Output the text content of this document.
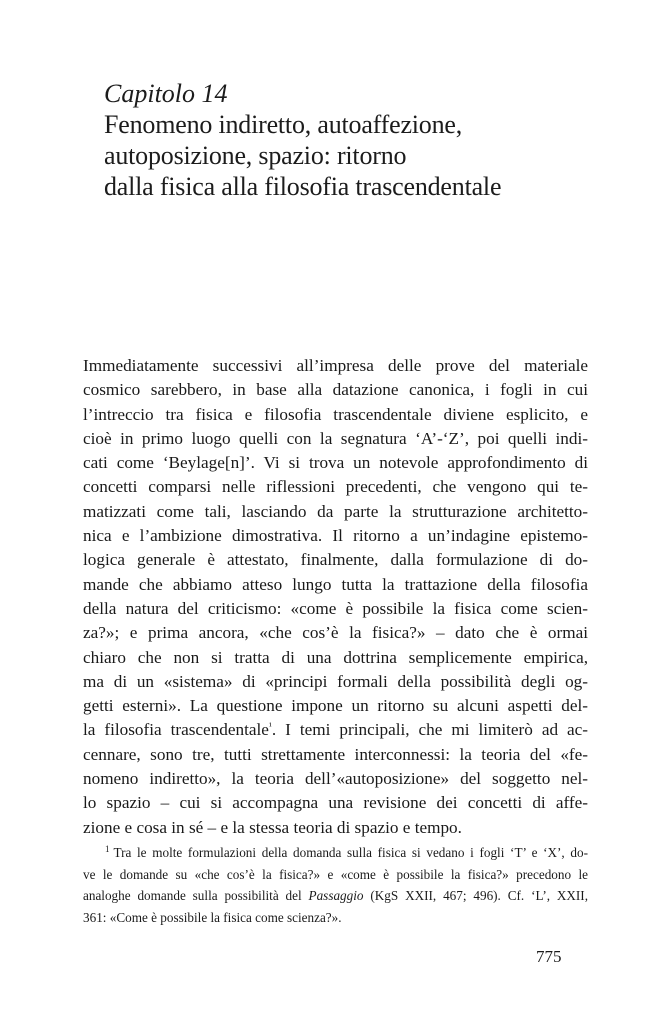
Capitolo 14
Fenomeno indiretto, autoaffezione,
autoposizione, spazio: ritorno
dalla fisica alla filosofia trascendentale
Immediatamente successivi all’impresa delle prove del materiale
cosmico sarebbero, in base alla datazione canonica, i fogli in cui
l’intreccio tra fisica e filosofia trascendentale diviene esplicito, e
cioè in primo luogo quelli con la segnatura ‘A’-‘Z’, poi quelli indi-
cati come ‘Beylage[n]’. Vi si trova un notevole approfondimento di
concetti comparsi nelle riflessioni precedenti, che vengono qui te-
matizzati come tali, lasciando da parte la strutturazione architetto-
nica e l’ambizione dimostrativa. Il ritorno a un’indagine epistemo-
logica generale è attestato, finalmente, dalla formulazione di do-
mande che abbiamo atteso lungo tutta la trattazione della filosofia
della natura del criticismo: «come è possibile la fisica come scien-
za?»; e prima ancora, «che cos’è la fisica?» – dato che è ormai
chiaro che non si tratta di una dottrina semplicemente empirica,
ma di un «sistema» di «principi formali della possibilità degli og-
getti esterni». La questione impone un ritorno su alcuni aspetti del-
la filosofia trascendentale$^{^1}$. I temi principali, che mi limiterò ad ac-
cennare, sono tre, tutti strettamente interconnessi: la teoria del «fe-
nomeno indiretto», la teoria dell’«autoposizione» del soggetto nel-
lo spazio – cui si accompagna una revisione dei concetti di affe-
zione e cosa in sé – e la stessa teoria di spazio e tempo.
$^1$ Tra le molte formulazioni della domanda sulla fisica si vedano i fogli ‘T’ e ‘X’, do-
ve le domande su «che cos’è la fisica?» e «come è possibile la fisica?» precedono le
analoghe domande sulla possibilità del Passaggio (KgS XXII, 467; 496). Cf. ‘L’, XXII,
361: «Come è possibile la fisica come scienza?».
775
